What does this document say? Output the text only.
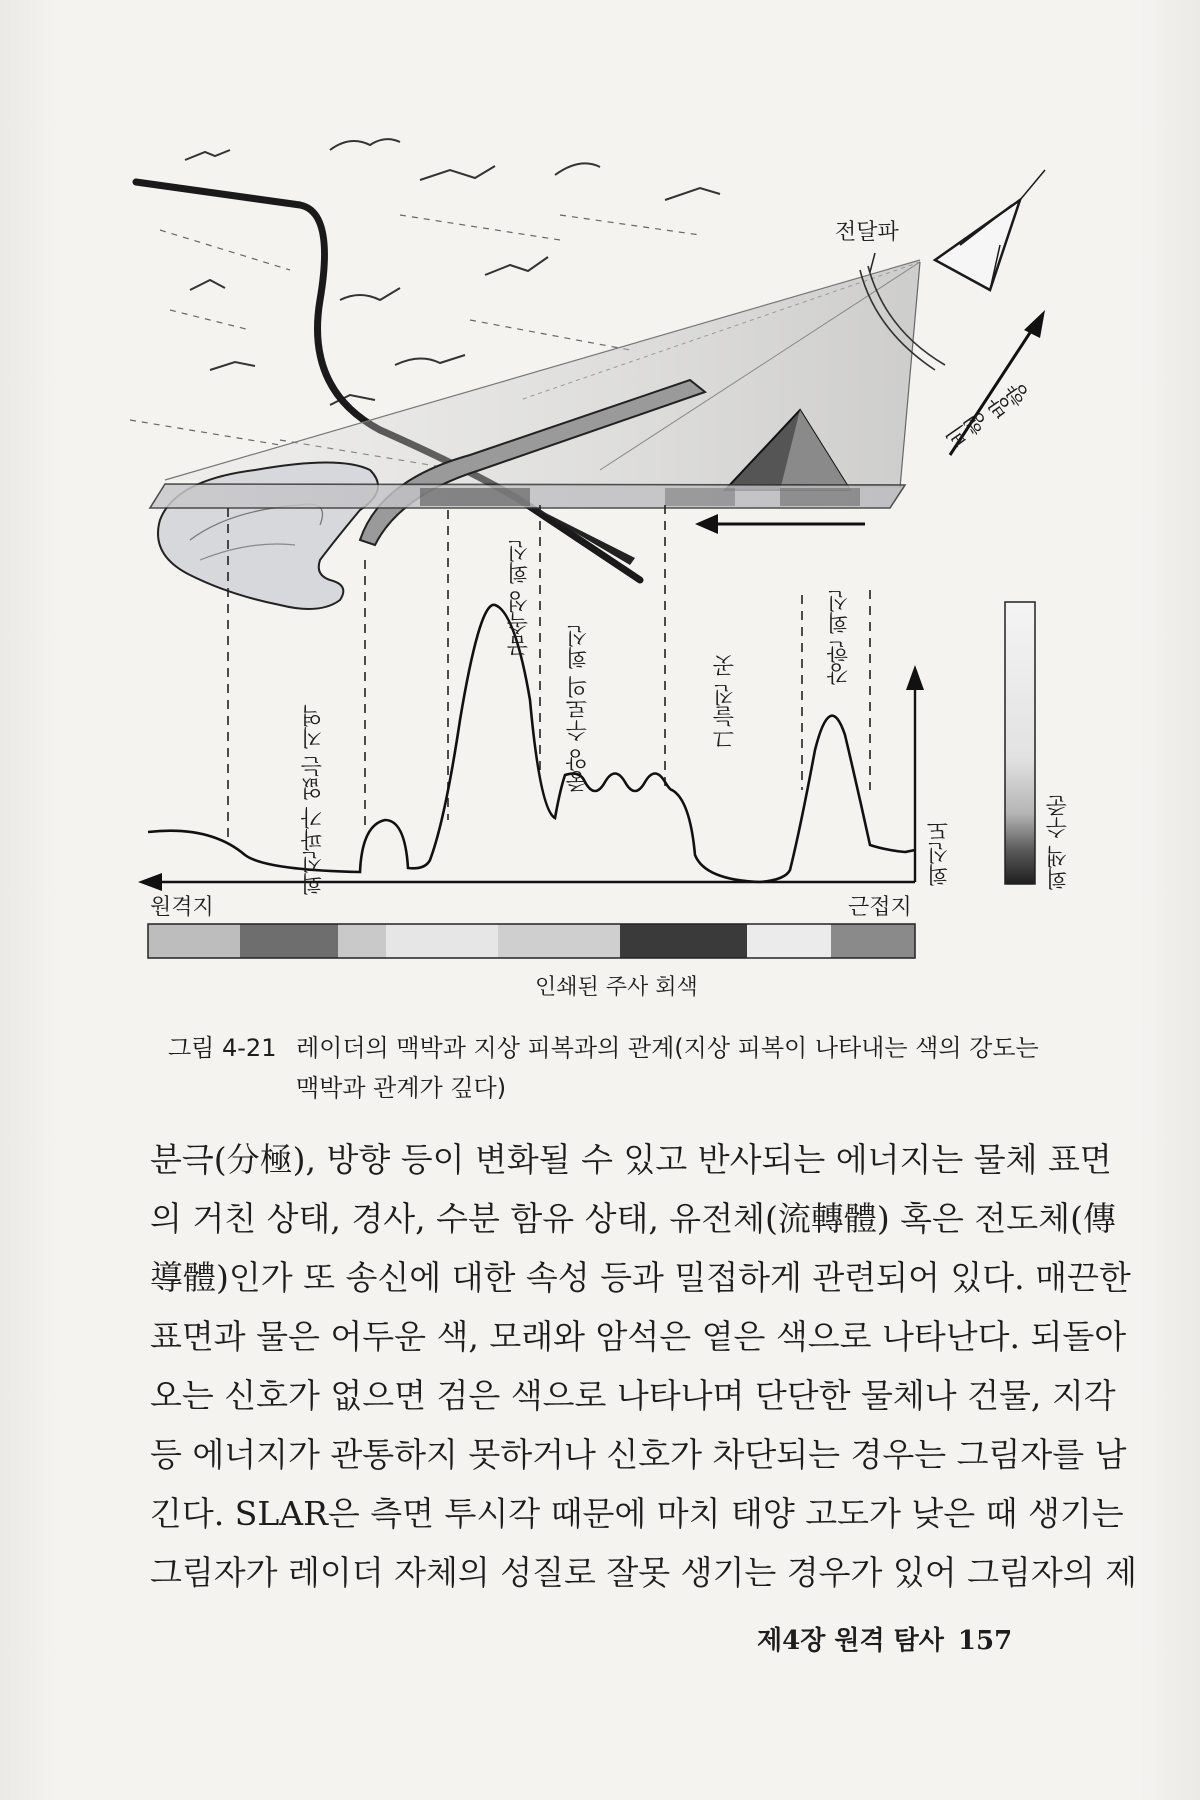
전달파
비행 방향
금속성 회신
회신파가 없는 지역	중앙 수로의 회신	그늘진 곳
강한 회신
회신도	회색 수준
원격지	근접지
인쇄된 주사 회색
그림 4-21 레이더의 맥박과 지상 피복과의 관계(지상 피복이 나타내는 색의 강도는 맥박과 관계가 깊다)

분극(分極), 방향 등이 변화될 수 있고 반사되는 에너지는 물체 표면

의 거친 상태, 경사, 수분 함유 상태, 유전체(流轉體) 혹은 전도체(傳

導體)인가 또 송신에 대한 속성 등과 밀접하게 관련되어 있다. 매끈한

표면과 물은 어두운 색, 모래와 암석은 옅은 색으로 나타난다. 되돌아

오는 신호가 없으면 검은 색으로 나타나며 단단한 물체나 건물, 지각

등 에너지가 관통하지 못하거나 신호가 차단되는 경우는 그림자를 남

긴다. SLAR은 측면 투시각 때문에 마치 태양 고도가 낮은 때 생기는

그림자가 레이더 자체의 성질로 잘못 생기는 경우가 있어 그림자의 제

제4장 원격 탐사 157
